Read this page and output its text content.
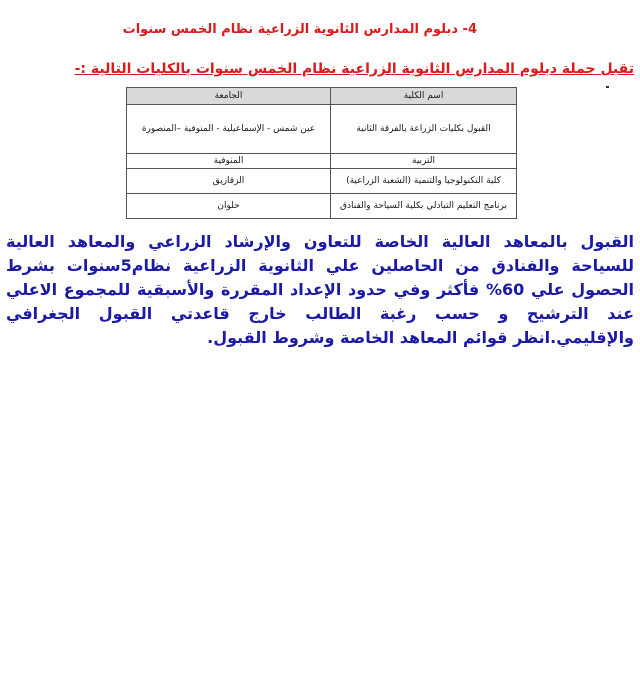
4- دبلوم المدارس الثانوية الزراعية نظام الخمس سنوات
تقبل حملة دبلوم المدارس الثانوية الزراعية نظام الخمس سنوات بالكليات التالية :-
اسم الكلية	الجامعة
القبول بكليات الزراعة بالفرقة الثانية	عين شمس - الإسماعيلية - المنوفية –المنصورة
التربية	المنوفية
كلية التكنولوجيا والتنمية (الشعبة الزراعية)	الزقازيق
برنامج التعليم التبادلي بكلية السياحة والفنادق	حلوان

القبول بالمعاهد العالية الخاصة للتعاون والإرشاد الزراعي والمعاهد العالية للسياحة والفنادق من الحاصلين علي الثانوية الزراعية نظام5سنوات بشرط الحصول علي 60% فأكثر وفي حدود الإعداد المقررة والأسبقية للمجموع الاعلي عند الترشيح و حسب رغبة الطالب خارج قاعدتي القبول الجغرافي والإقليمي.انظر قوائم المعاهد الخاصة وشروط القبول.
